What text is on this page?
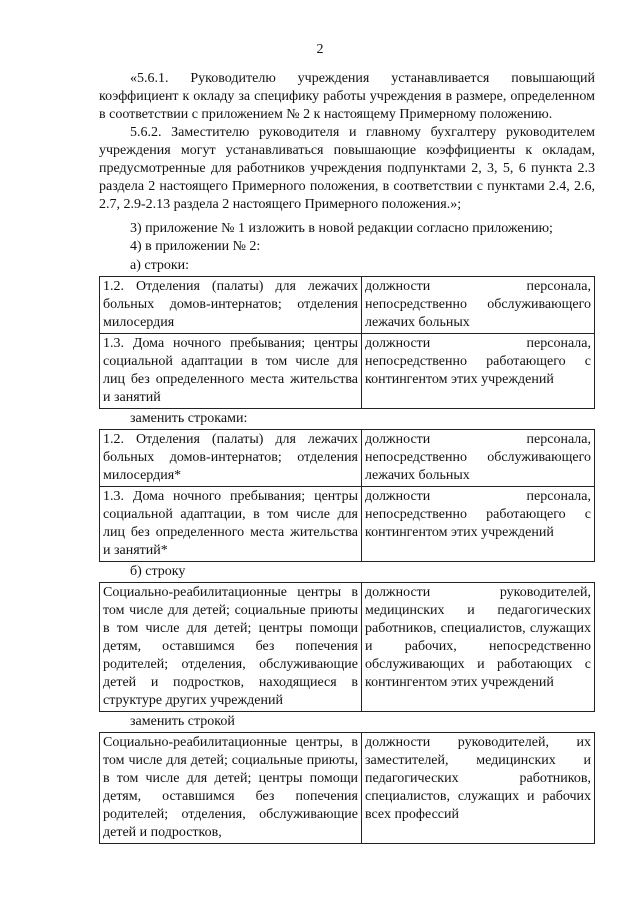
2

«5.6.1. Руководителю учреждения устанавливается повышающий коэффициент к окладу за специфику работы учреждения в размере, определенном в соответствии с приложением № 2 к настоящему Примерному положению.

5.6.2. Заместителю руководителя и главному бухгалтеру руководителем учреждения могут устанавливаться повышающие коэффициенты к окладам, предусмотренные для работников учреждения подпунктами 2, 3, 5, 6 пункта 2.3 раздела 2 настоящего Примерного положения, в соответствии с пунктами 2.4, 2.6, 2.7, 2.9-2.13 раздела 2 настоящего Примерного положения.»;

3) приложение № 1 изложить в новой редакции согласно приложению;

4) в приложении № 2:

а) строки:
1.2. Отделения (палаты) для лежачих больных домов-интернатов; отделения милосердия	должности персонала, непосредственно обслуживающего лежачих больных
1.3. Дома ночного пребывания; центры социальной адаптации в том числе для лиц без определенного места жительства и занятий	должности персонала, непосредственно работающего с контингентом этих учреждений
заменить строками:
1.2. Отделения (палаты) для лежачих больных домов-интернатов; отделения милосердия*	должности персонала, непосредственно обслуживающего лежачих больных
1.3. Дома ночного пребывания; центры социальной адаптации, в том числе для лиц без определенного места жительства и занятий*	должности персонала, непосредственно работающего с контингентом этих учреждений
б) строку
Социально-реабилитационные центры в том числе для детей; социальные приюты в том числе для детей; центры помощи детям, оставшимся без попечения родителей; отделения, обслуживающие детей и подростков, находящиеся в структуре других учреждений	должности руководителей, медицинских и педагогических работников, специалистов, служащих и рабочих, непосредственно обслуживающих и работающих с контингентом этих учреждений
заменить строкой
Социально-реабилитационные центры, в том числе для детей; социальные приюты, в том числе для детей; центры помощи детям, оставшимся без попечения родителей; отделения, обслуживающие детей и подростков,	должности руководителей, их заместителей, медицинских и педагогических работников, специалистов, служащих и рабочих всех профессий
